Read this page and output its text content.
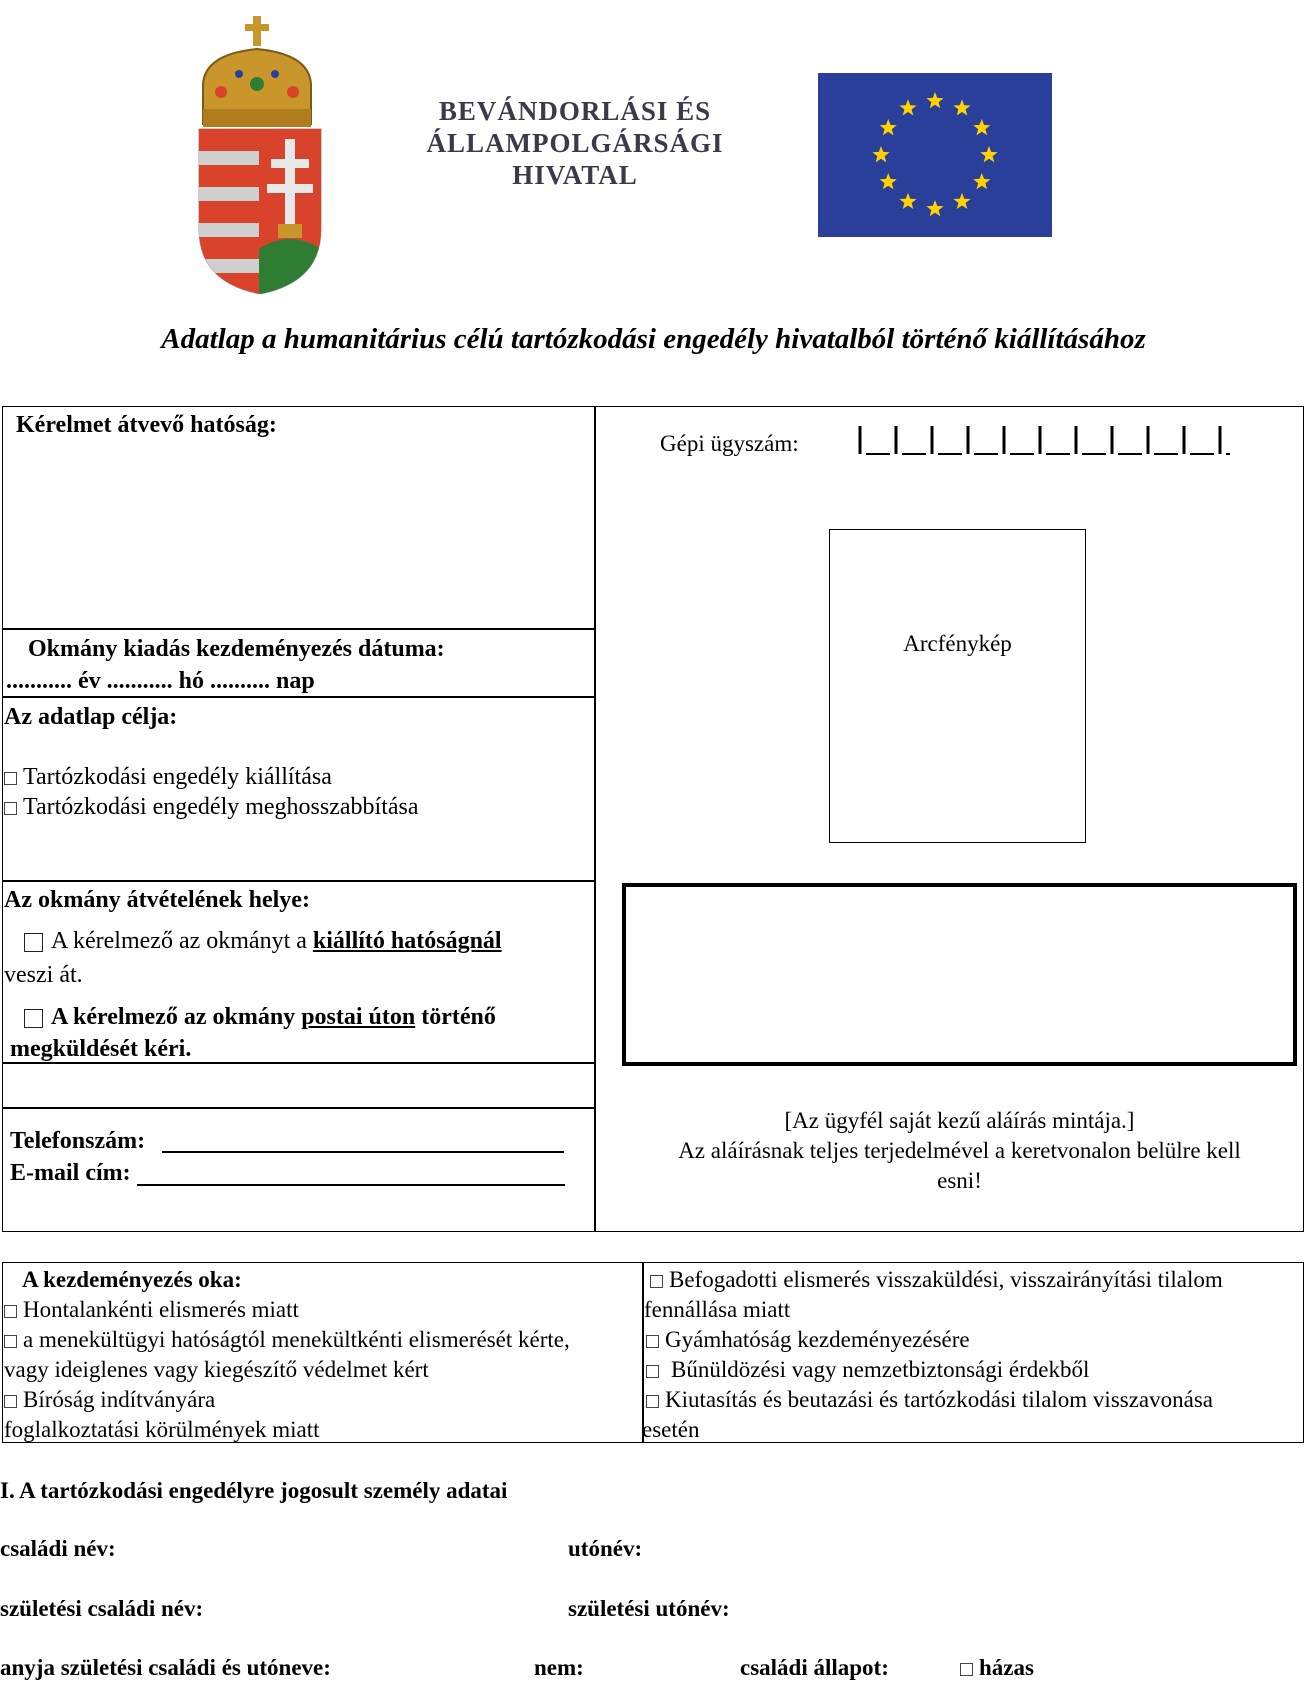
BEVÁNDORLÁSI ÉS
ÁLLAMPOLGÁRSÁGI
HIVATAL
Adatlap a humanitárius célú tartózkodási engedély hivatalból történő kiállításához
Kérelmet átvevő hatóság:
Gépi ügyszám:
Arcfénykép
Okmány kiadás kezdeményezés dátuma:
........... év ........... hó .......... nap
Az adatlap célja:
Tartózkodási engedély kiállítása
Tartózkodási engedély meghosszabbítása
Az okmány átvételének helye:
A kérelmező az okmányt a kiállító hatóságnál
veszi át.
A kérelmező az okmány postai úton történő
megküldését kéri.
Telefonszám:
E-mail cím:
[Az ügyfél saját kezű aláírás mintája.]
Az aláírásnak teljes terjedelmével a keretvonalon belülre kell
esni!
A kezdeményezés oka:
Hontalankénti elismerés miatt
a menekültügyi hatóságtól menekültkénti elismerését kérte,
vagy ideiglenes vagy kiegészítő védelmet kért
Bíróság indítványára
foglalkoztatási körülmények miatt
Befogadotti elismerés visszaküldési, visszairányítási tilalom
fennállása miatt
Gyámhatóság kezdeményezésére
Bűnüldözési vagy nemzetbiztonsági érdekből
Kiutasítás és beutazási és tartózkodási tilalom visszavonása
esetén
I. A tartózkodási engedélyre jogosult személy adatai
családi név:	utónév:
születési családi név:	születési utónév:
anyja születési családi és utóneve:	nem:	családi állapot:	házas
